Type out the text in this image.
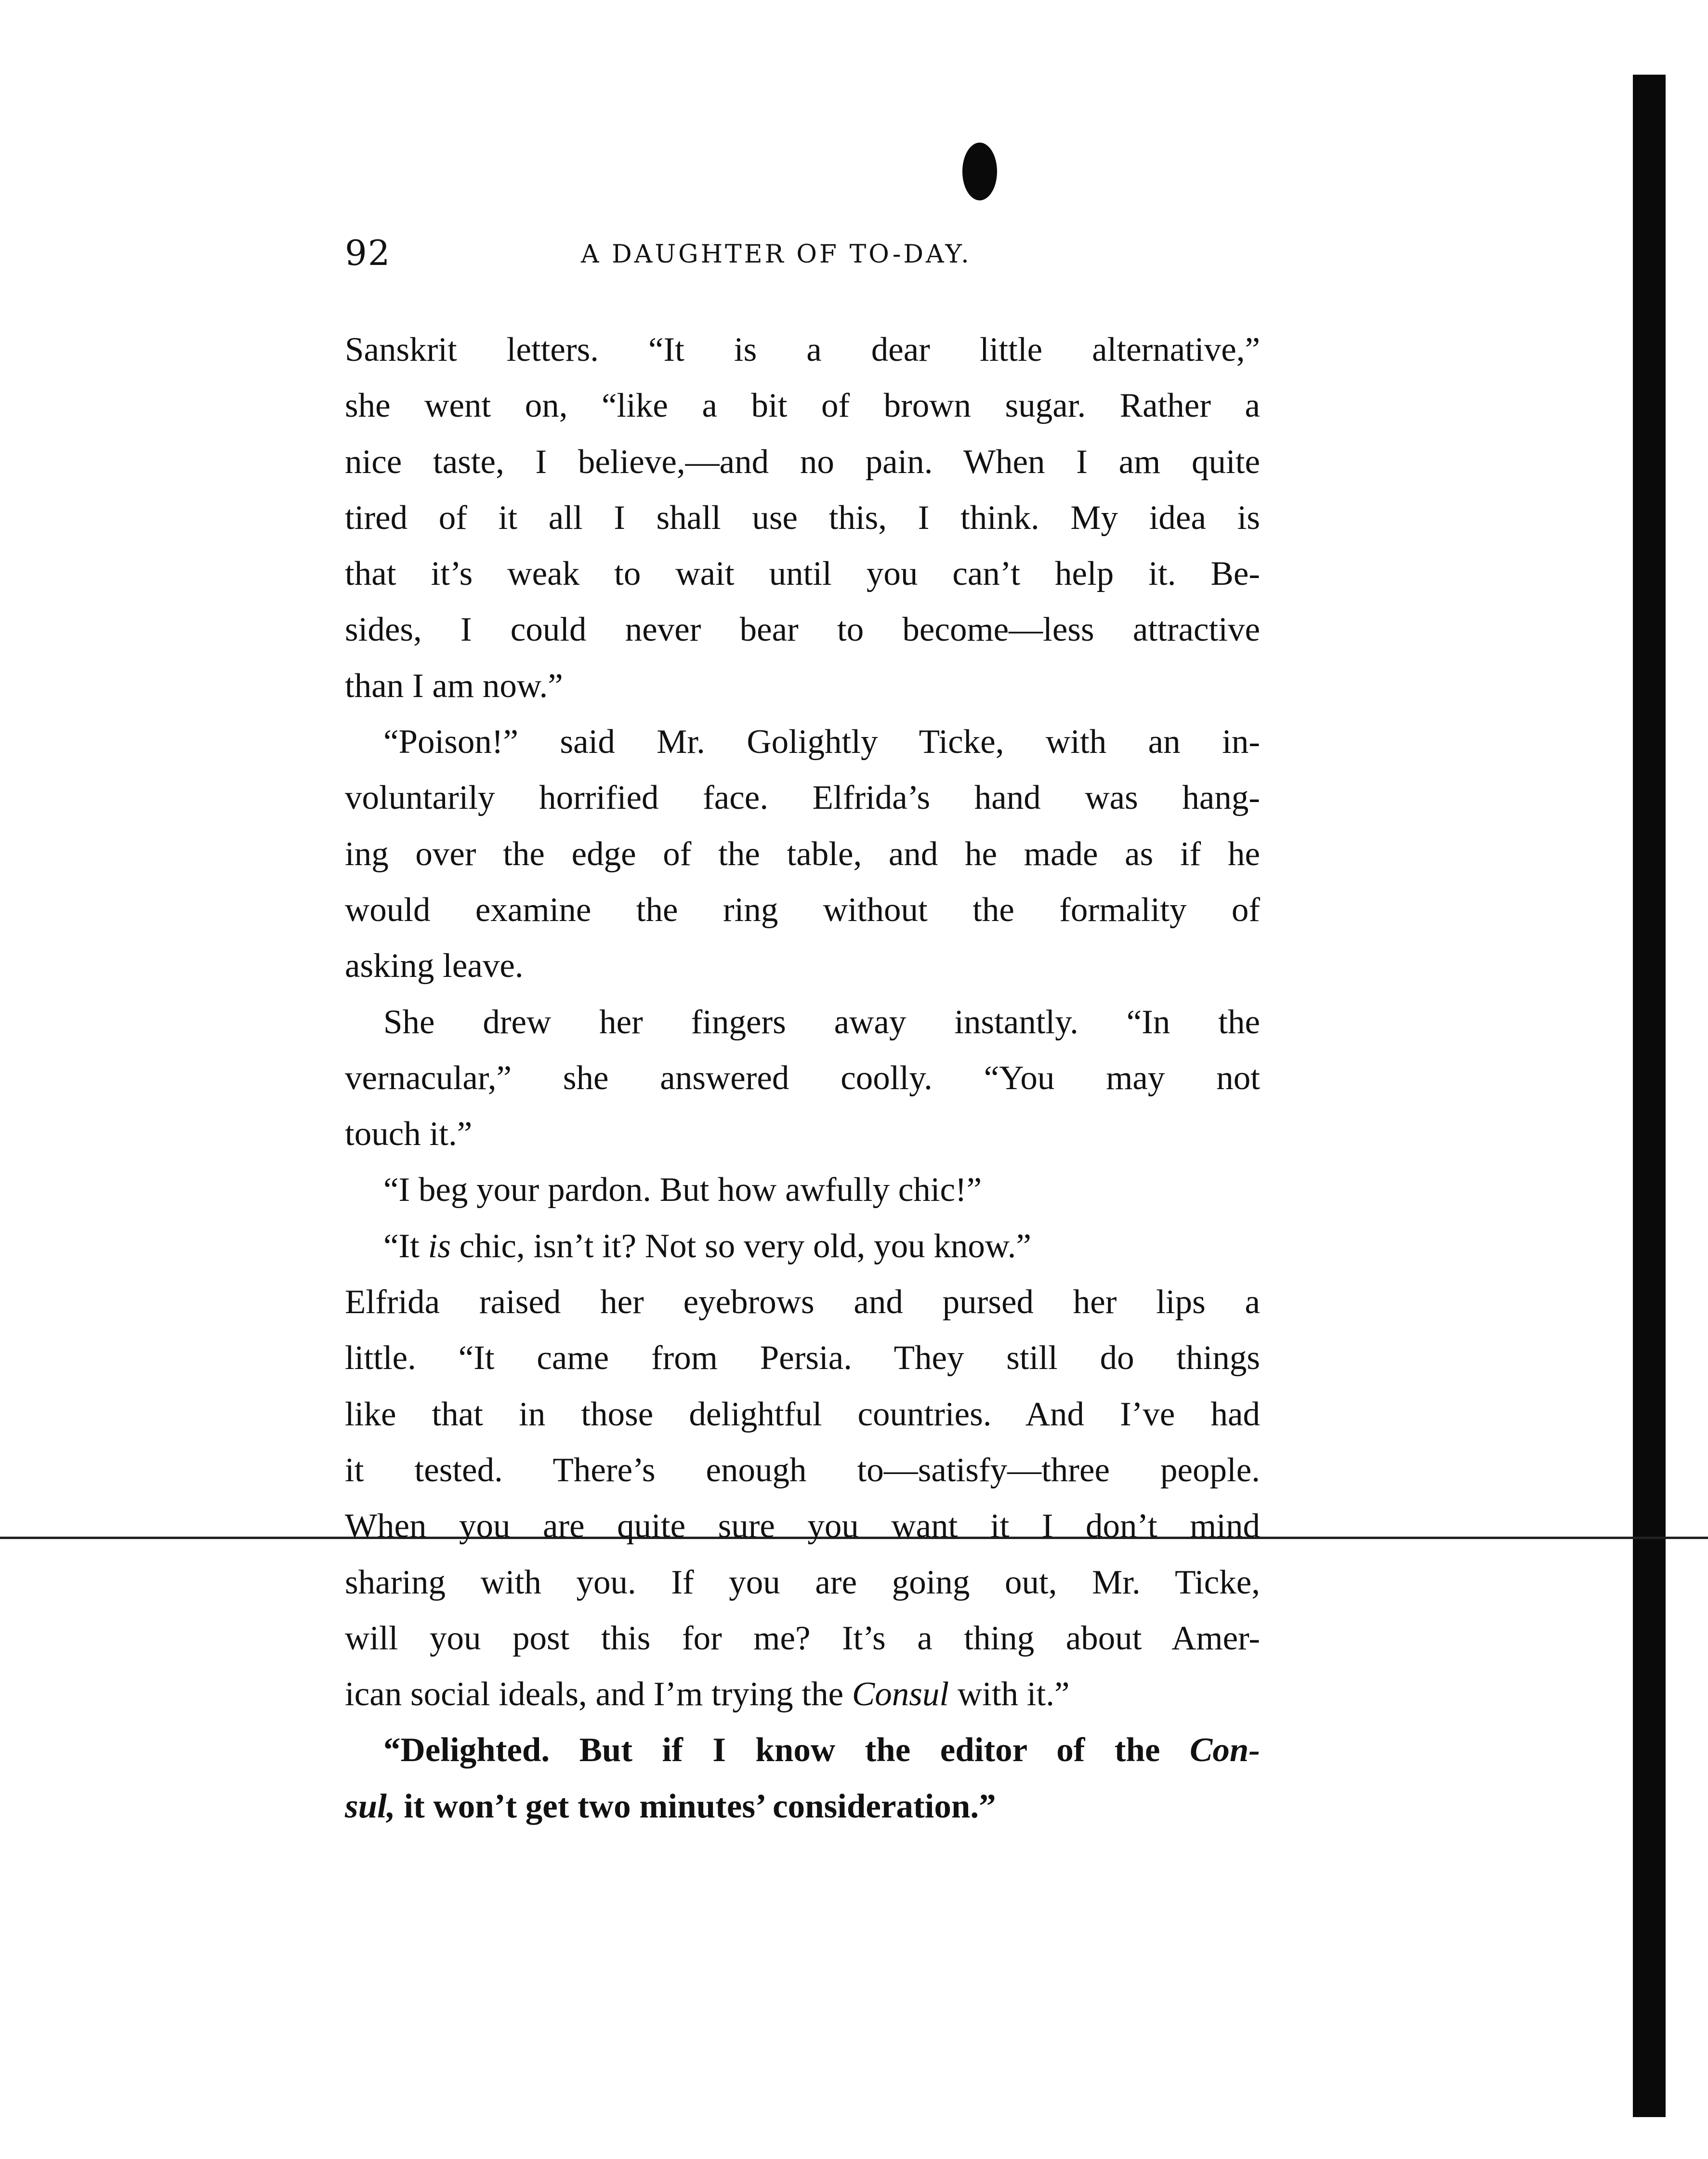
92	A DAUGHTER OF TO-DAY.
Sanskrit letters. “It is a dear little alternative,”
she went on, “like a bit of brown sugar. Rather a
nice taste, I believe,—and no pain. When I am quite
tired of it all I shall use this, I think. My idea is
that it’s weak to wait until you can’t help it. Be-
sides, I could never bear to become—less attractive
than I am now.”
“Poison!” said Mr. Golightly Ticke, with an in-
voluntarily horrified face. Elfrida’s hand was hang-
ing over the edge of the table, and he made as if he
would examine the ring without the formality of
asking leave.
She drew her fingers away instantly. “In the
vernacular,” she answered coolly. “You may not
touch it.”
“I beg your pardon. But how awfully chic!”
“It is chic, isn’t it? Not so very old, you know.”
Elfrida raised her eyebrows and pursed her lips a
little. “It came from Persia. They still do things
like that in those delightful countries. And I’ve had
it tested. There’s enough to—satisfy—three people.
When you are quite sure you want it I don’t mind
sharing with you. If you are going out, Mr. Ticke,
will you post this for me? It’s a thing about Amer-
ican social ideals, and I’m trying the Consul with it.”
“Delighted. But if I know the editor of the Con-
sul, it won’t get two minutes’ consideration.”
